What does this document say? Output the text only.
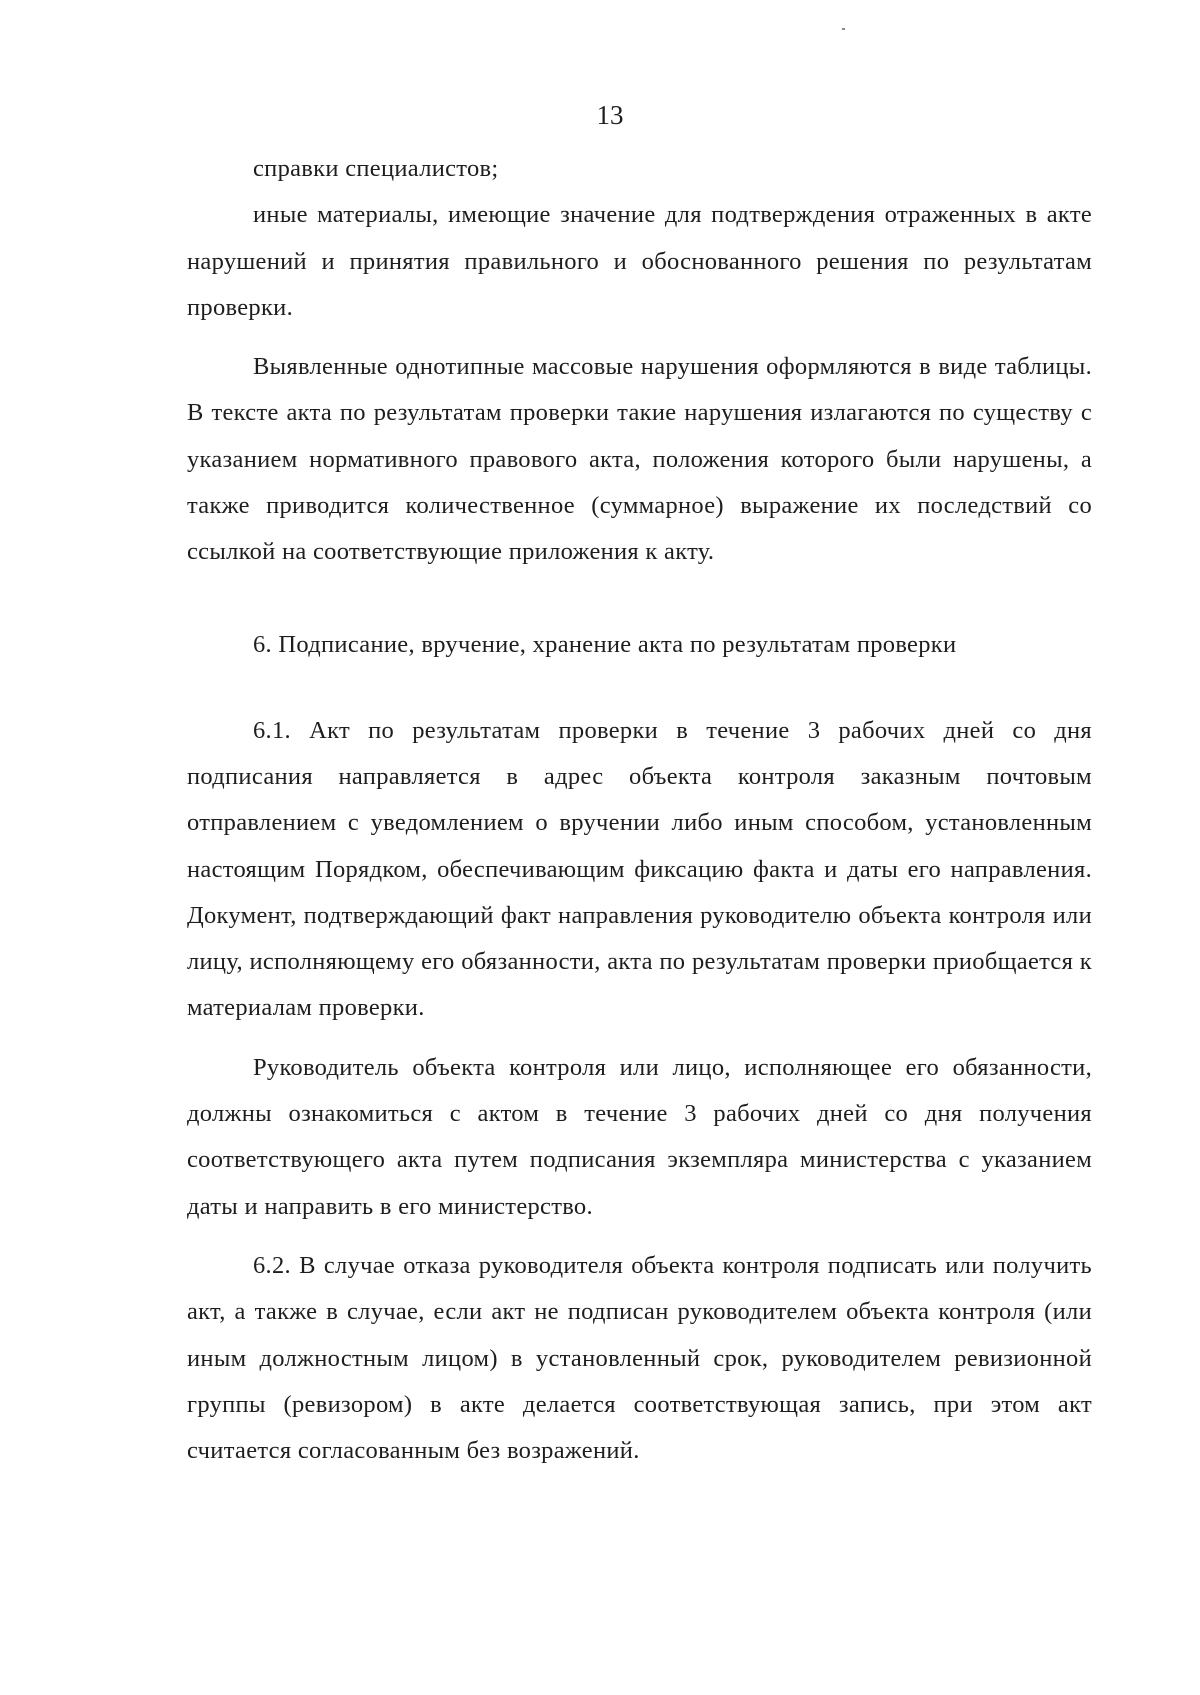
13

справки специалистов;

иные материалы, имеющие значение для подтверждения отраженных в акте нарушений и принятия правильного и обоснованного решения по результатам проверки.

Выявленные однотипные массовые нарушения оформляются в виде таблицы. В тексте акта по результатам проверки такие нарушения излагаются по существу с указанием нормативного правового акта, положения которого были нарушены, а также приводится количественное (суммарное) выражение их последствий со ссылкой на соответствующие приложения к акту.

6. Подписание, вручение, хранение акта по результатам проверки

6.1. Акт по результатам проверки в течение 3 рабочих дней со дня подписания направляется в адрес объекта контроля заказным почтовым отправлением с уведомлением о вручении либо иным способом, установленным настоящим Порядком, обеспечивающим фиксацию факта и даты его направления. Документ, подтверждающий факт направления руководителю объекта контроля или лицу, исполняющему его обязанности, акта по результатам проверки приобщается к материалам проверки.

Руководитель объекта контроля или лицо, исполняющее его обязанности, должны ознакомиться с актом в течение 3 рабочих дней со дня получения соответствующего акта путем подписания экземпляра министерства с указанием даты и направить в его министерство.

6.2. В случае отказа руководителя объекта контроля подписать или получить акт, а также в случае, если акт не подписан руководителем объекта контроля (или иным должностным лицом) в установленный срок, руководителем ревизионной группы (ревизором) в акте делается соответствующая запись, при этом акт считается согласованным без возражений.
